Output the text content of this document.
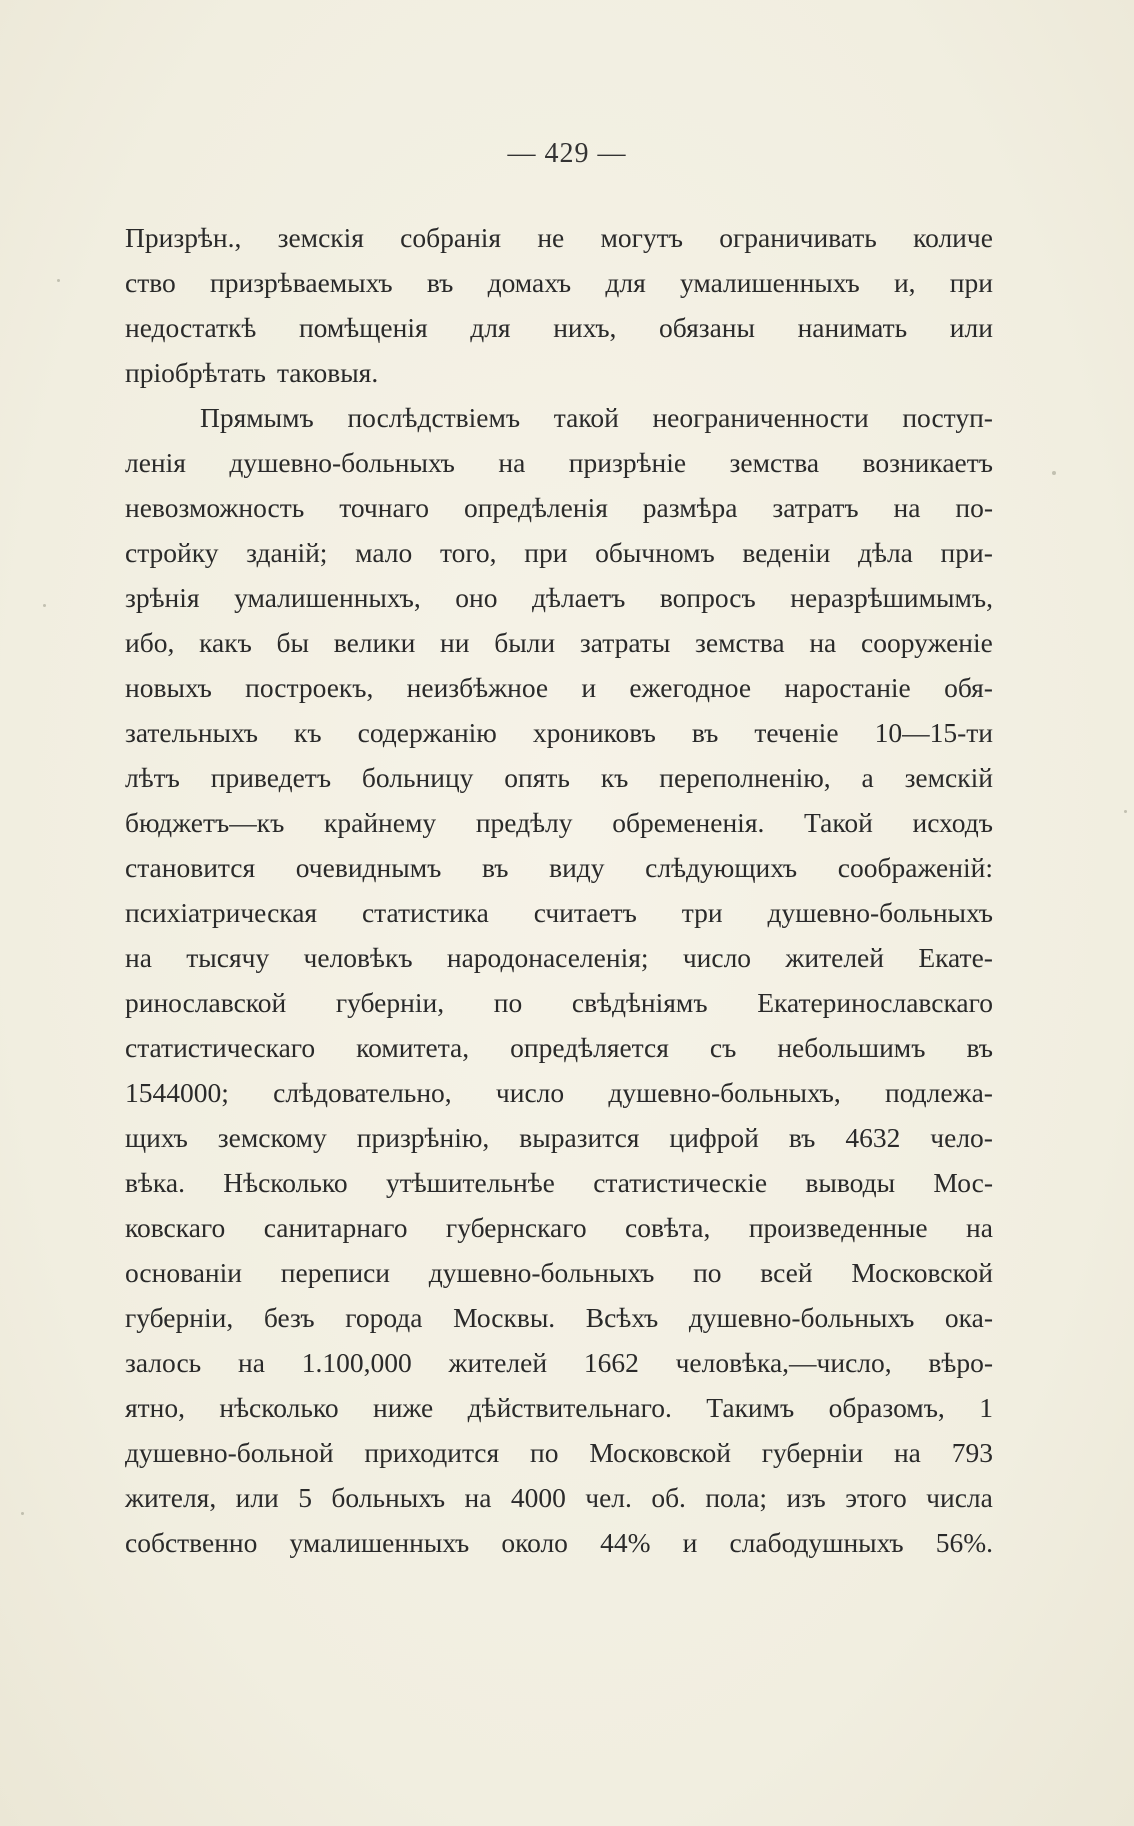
— 429 —
Призрѣн., земскія собранія не могутъ ограничивать количе
ство призрѣваемыхъ въ домахъ для умалишенныхъ и, при
недостаткѣ помѣщенія для нихъ, обязаны нанимать или
пріобрѣтать таковыя.
Прямымъ послѣдствіемъ такой неограниченности поступ-
ленія душевно-больныхъ на призрѣніе земства возникаетъ
невозможность точнаго опредѣленія размѣра затратъ на по-
стройку зданій; мало того, при обычномъ веденіи дѣла при-
зрѣнія умалишенныхъ, оно дѣлаетъ вопросъ неразрѣшимымъ,
ибо, какъ бы велики ни были затраты земства на сооруженіе
новыхъ построекъ, неизбѣжное и ежегодное наростаніе обя-
зательныхъ къ содержанію хрониковъ въ теченіе 10—15-ти
лѣтъ приведетъ больницу опять къ переполненію, а земскій
бюджетъ—къ крайнему предѣлу обремененія. Такой исходъ
становится очевиднымъ въ виду слѣдующихъ соображеній:
психіатрическая статистика считаетъ три душевно-больныхъ
на тысячу человѣкъ народонаселенія; число жителей Екате-
ринославской губерніи, по свѣдѣніямъ Екатеринославскаго
статистическаго комитета, опредѣляется съ небольшимъ въ
1544000; слѣдовательно, число душевно-больныхъ, подлежа-
щихъ земскому призрѣнію, выразится цифрой въ 4632 чело-
вѣка. Нѣсколько утѣшительнѣе статистическіе выводы Мос-
ковскаго санитарнаго губернскаго совѣта, произведенные на
основаніи переписи душевно-больныхъ по всей Московской
губерніи, безъ города Москвы. Всѣхъ душевно-больныхъ ока-
залось на 1.100,000 жителей 1662 человѣка,—число, вѣро-
ятно, нѣсколько ниже дѣйствительнаго. Такимъ образомъ, 1
душевно-больной приходится по Московской губерніи на 793
жителя, или 5 больныхъ на 4000 чел. об. пола; изъ этого числа
собственно умалишенныхъ около 44% и слабодушныхъ 56%.
